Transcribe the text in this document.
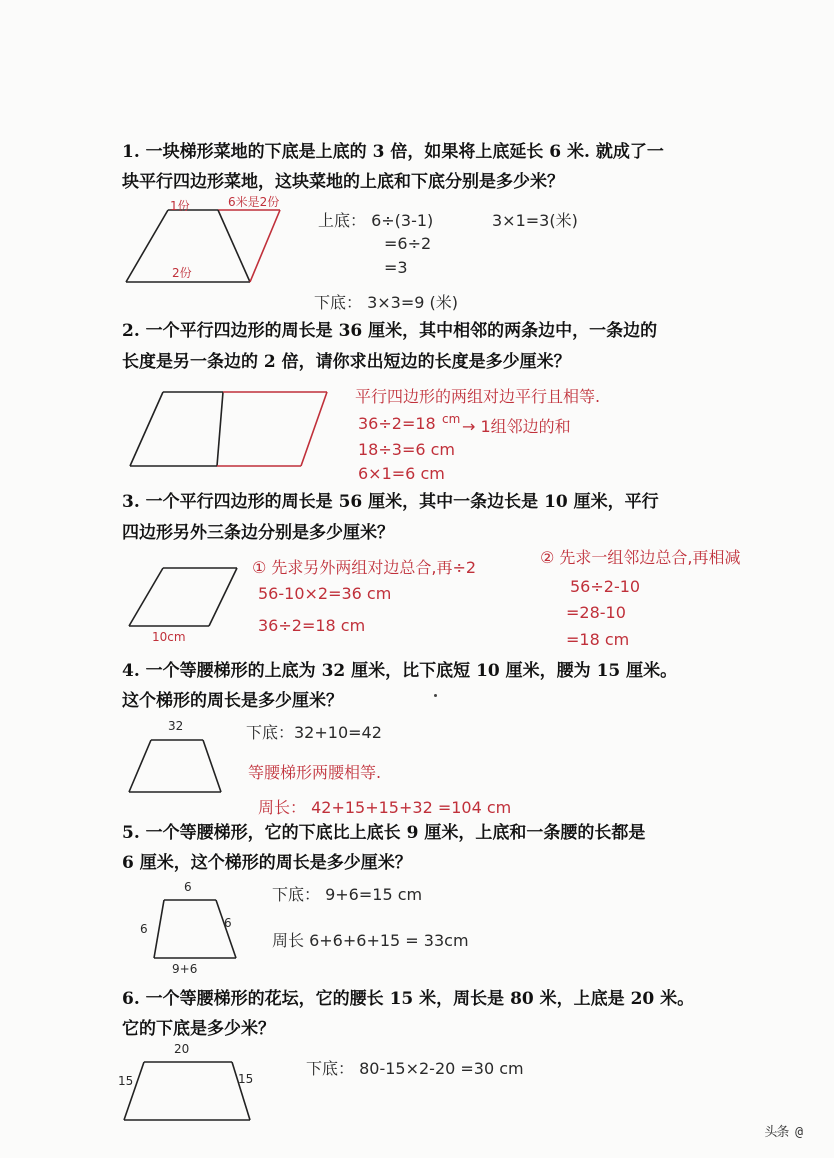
1. 一块梯形菜地的下底是上底的 3 倍，如果将上底延长 6 米. 就成了一
块平行四边形菜地，这块菜地的上底和下底分别是多少米？
1份	6米是2份
2份
上底： 6÷(3-1)	3×1=3(米)
=6÷2
=3
下底： 3×3=9 (米)
2. 一个平行四边形的周长是 36 厘米，其中相邻的两条边中，一条边的
长度是另一条边的 2 倍，请你求出短边的长度是多少厘米？
平行四边形的两组对边平行且相等.
36÷2=18 cm → 1组邻边的和
18÷3=6 cm
6×1=6 cm
3. 一个平行四边形的周长是 56 厘米，其中一条边长是 10 厘米，平行
四边形另外三条边分别是多少厘米？
10cm
① 先求另外两组对边总合,再÷2
56-10×2=36 cm
36÷2=18 cm
② 先求一组邻边总合,再相减
56÷2-10
=28-10
=18 cm
4. 一个等腰梯形的上底为 32 厘米，比下底短 10 厘米，腰为 15 厘米。
这个梯形的周长是多少厘米？
32	下底：32+10=42
等腰梯形两腰相等.
周长： 42+15+15+32 =104 cm
5. 一个等腰梯形，它的下底比上底长 9 厘米，上底和一条腰的长都是
6 厘米，这个梯形的周长是多少厘米？
6
6	6
9+6
下底： 9+6=15 cm
周长 6+6+6+15 = 33cm
6. 一个等腰梯形的花坛，它的腰长 15 米，周长是 80 米，上底是 20 米。
它的下底是多少米？
20
15	15
下底： 80-15×2-20 =30 cm
头条 @
